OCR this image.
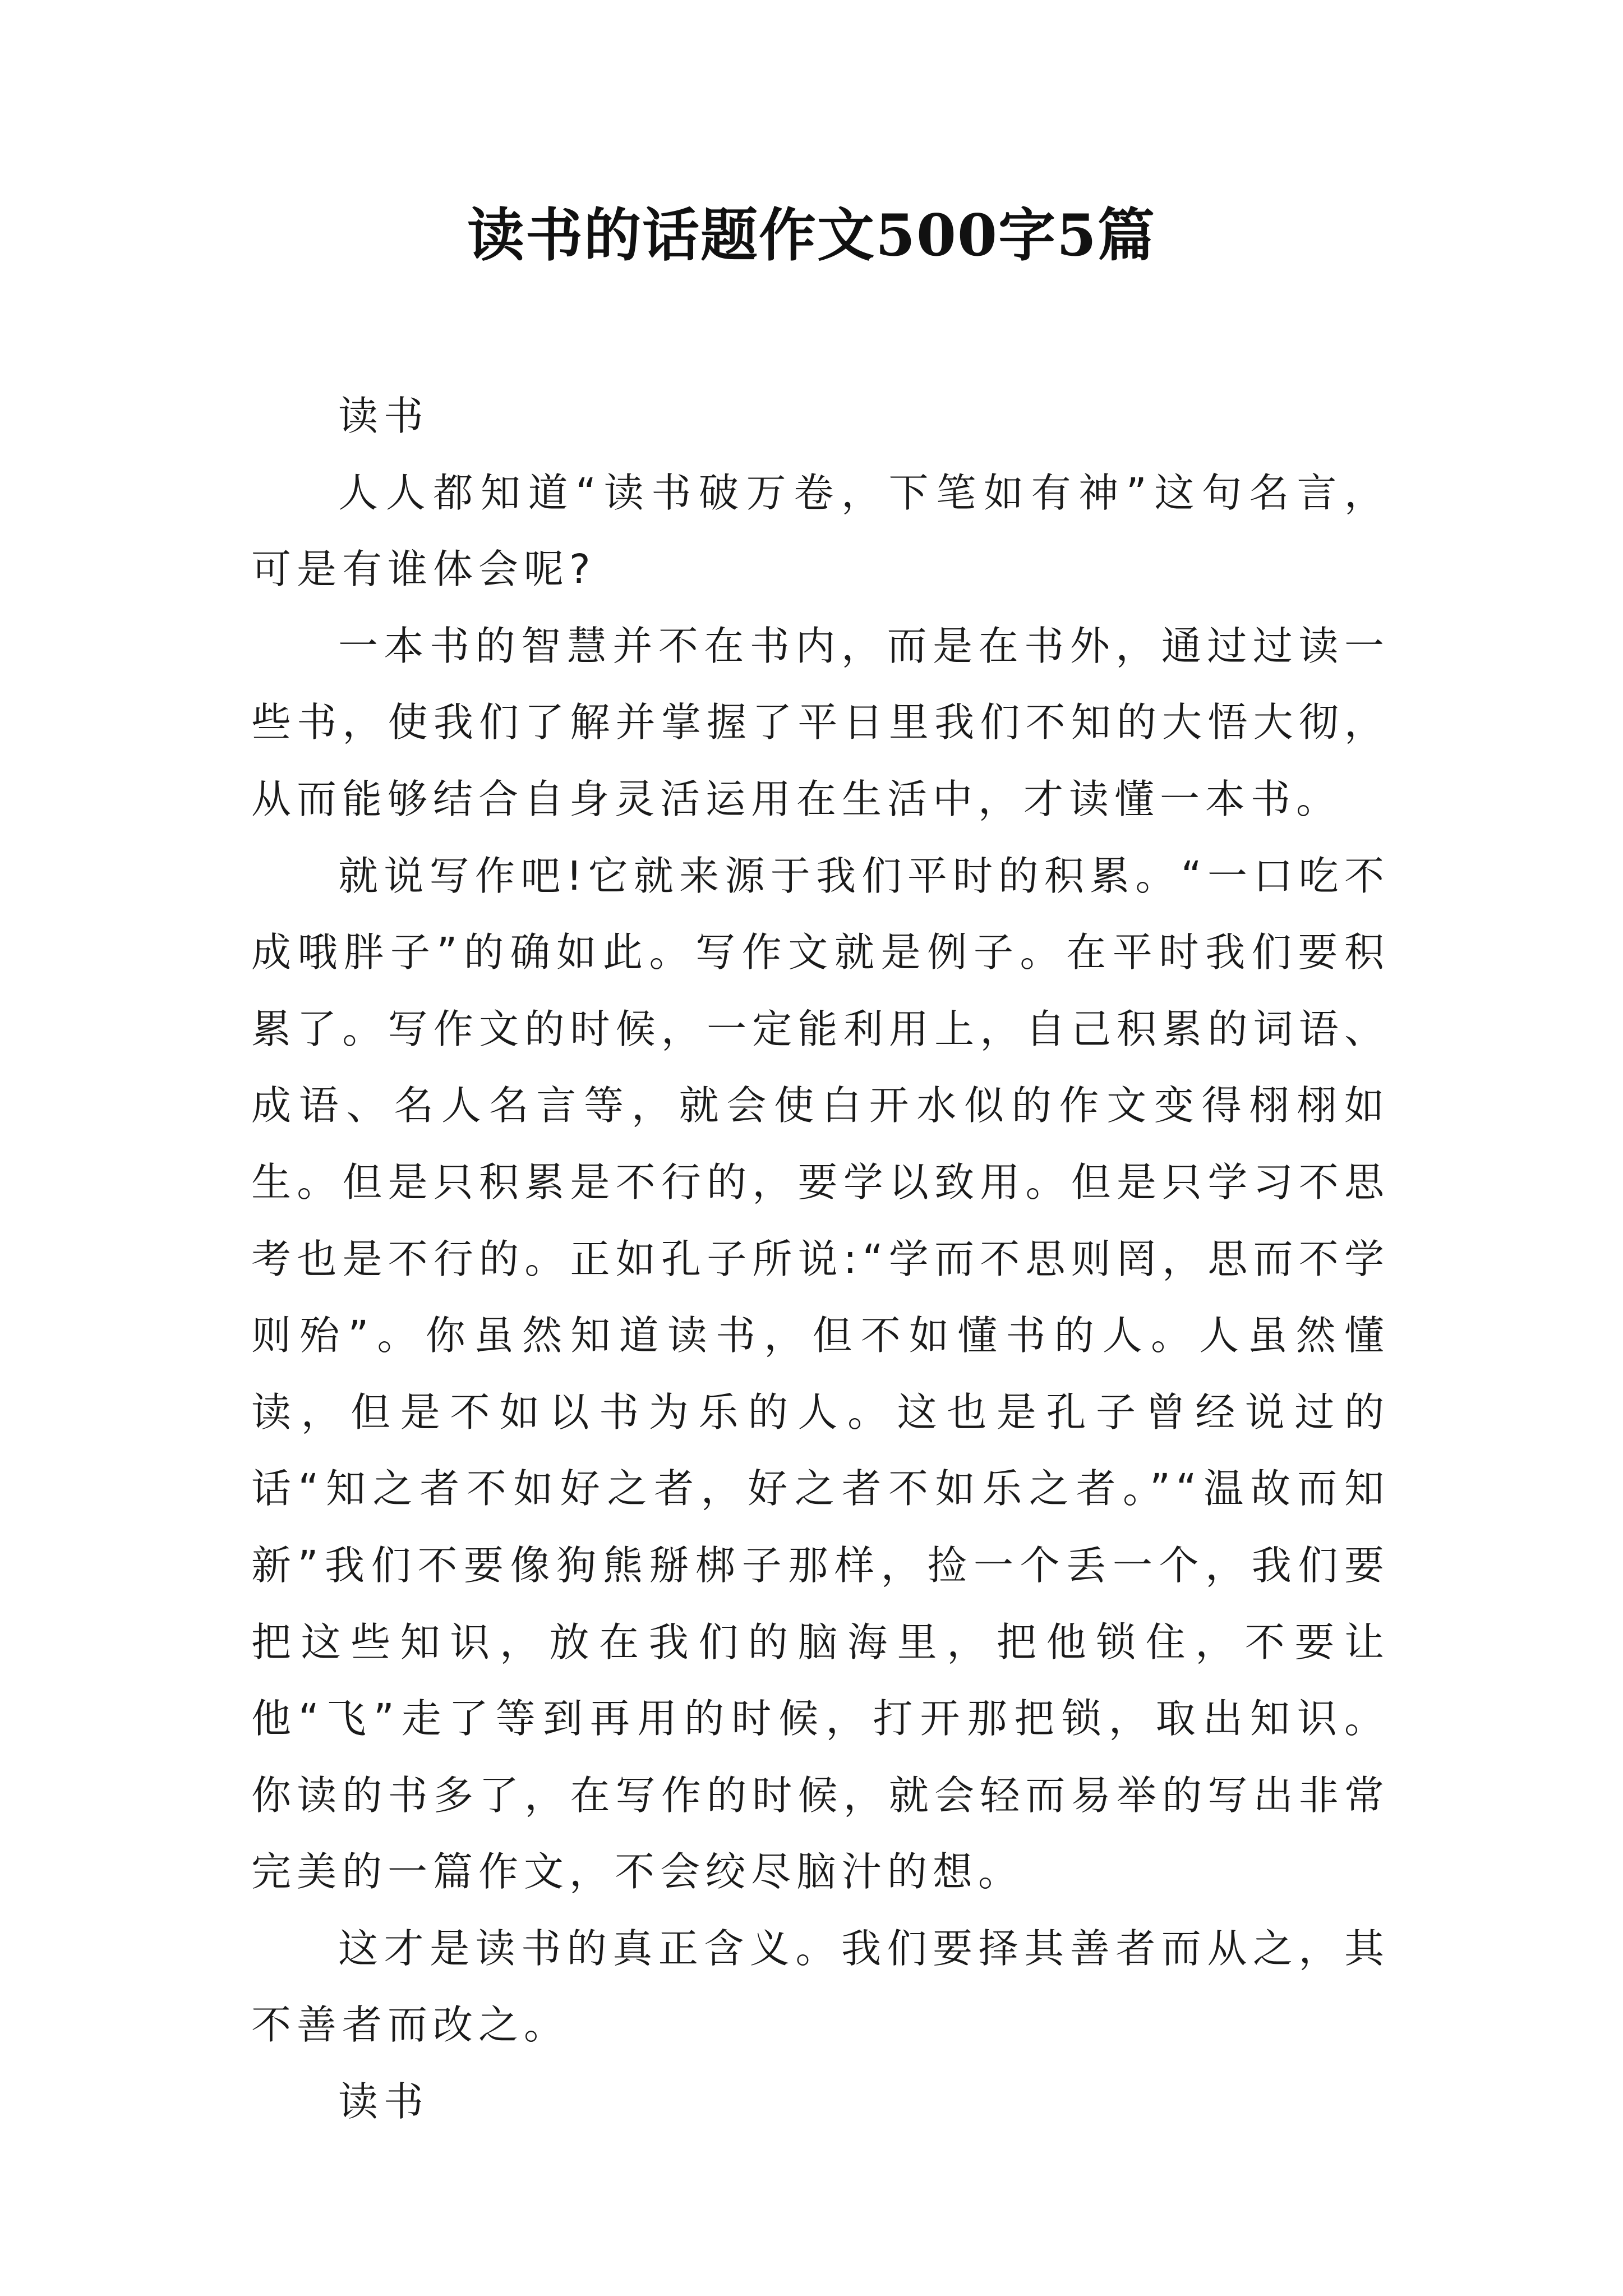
读书的话题作文500字5篇

读书

人人都知道“读书破万卷，下笔如有神”这句名言，可是有谁体会呢?

一本书的智慧并不在书内，而是在书外，通过过读一些书，使我们了解并掌握了平日里我们不知的大悟大彻，从而能够结合自身灵活运用在生活中，才读懂一本书。

就说写作吧!它就来源于我们平时的积累。“一口吃不成哦胖子”的确如此。写作文就是例子。在平时我们要积累了。写作文的时候，一定能利用上，自己积累的词语、成语、名人名言等，就会使白开水似的作文变得栩栩如生。但是只积累是不行的，要学以致用。但是只学习不思考也是不行的。正如孔子所说:“学而不思则罔，思而不学则殆”。你虽然知道读书，但不如懂书的人。人虽然懂读，但是不如以书为乐的人。这也是孔子曾经说过的话“知之者不如好之者，好之者不如乐之者。”“温故而知新”我们不要像狗熊掰梆子那样，捡一个丢一个，我们要把这些知识，放在我们的脑海里，把他锁住，不要让他“飞”走了等到再用的时候，打开那把锁，取出知识。你读的书多了，在写作的时候，就会轻而易举的写出非常完美的一篇作文，不会绞尽脑汁的想。

这才是读书的真正含义。我们要择其善者而从之，其不善者而改之。

读书
